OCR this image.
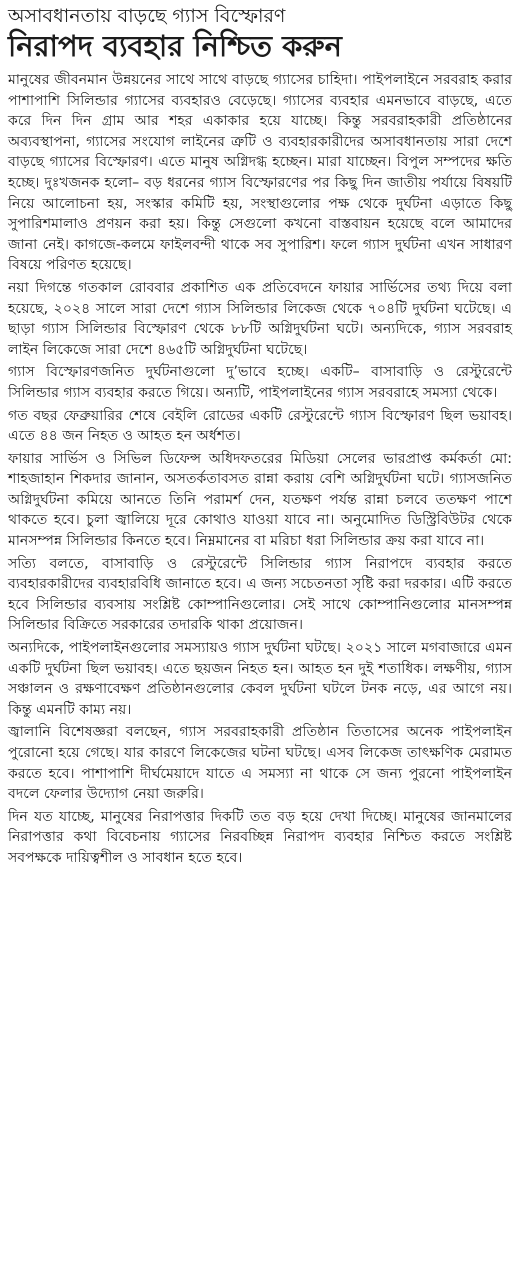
অসাবধানতায় বাড়ছে গ্যাস বিস্ফোরণ
নিরাপদ ব্যবহার নিশ্চিত করুন

মানুষের জীবনমান উন্নয়নের সাথে সাথে বাড়ছে গ্যাসের চাহিদা। পাইপলাইনে সরবরাহ করার পাশাপাশি সিলিন্ডার গ্যাসের ব্যবহারও বেড়েছে। গ্যাসের ব্যবহার এমনভাবে বাড়ছে, এতে করে দিন দিন গ্রাম আর শহর একাকার হয়ে যাচ্ছে। কিন্তু সরবরাহকারী প্রতিষ্ঠানের অব্যবস্থাপনা, গ্যাসের সংযোগ লাইনের ত্রুটি ও ব্যবহারকারীদের অসাবধানতায় সারা দেশে বাড়ছে গ্যাসের বিস্ফোরণ। এতে মানুষ অগ্নিদগ্ধ হচ্ছেন। মারা যাচ্ছেন। বিপুল সম্পদের ক্ষতি হচ্ছে। দুঃখজনক হলো– বড় ধরনের গ্যাস বিস্ফোরণের পর কিছু দিন জাতীয় পর্যায়ে বিষয়টি নিয়ে আলোচনা হয়, সংস্কার কমিটি হয়, সংস্থাগুলোর পক্ষ থেকে দুর্ঘটনা এড়াতে কিছু সুপারিশমালাও প্রণয়ন করা হয়। কিন্তু সেগুলো কখনো বাস্তবায়ন হয়েছে বলে আমাদের জানা নেই। কাগজে-কলমে ফাইলবন্দী থাকে সব সুপারিশ। ফলে গ্যাস দুর্ঘটনা এখন সাধারণ বিষয়ে পরিণত হয়েছে।

নয়া দিগন্তে গতকাল রোববার প্রকাশিত এক প্রতিবেদনে ফায়ার সার্ভিসের তথ্য দিয়ে বলা হয়েছে, ২০২৪ সালে সারা দেশে গ্যাস সিলিন্ডার লিকেজ থেকে ৭০৪টি দুর্ঘটনা ঘটেছে। এ ছাড়া গ্যাস সিলিন্ডার বিস্ফোরণ থেকে ৮৮টি অগ্নিদুর্ঘটনা ঘটে। অন্যদিকে, গ্যাস সরবরাহ লাইন লিকেজে সারা দেশে ৪৬৫টি অগ্নিদুর্ঘটনা ঘটেছে।

গ্যাস বিস্ফোরণজনিত দুর্ঘটনাগুলো দু’ভাবে হচ্ছে। একটি– বাসাবাড়ি ও রেস্টুরেন্টে সিলিন্ডার গ্যাস ব্যবহার করতে গিয়ে। অন্যটি, পাইপলাইনের গ্যাস সরবরাহে সমস্যা থেকে।

গত বছর ফেব্রুয়ারির শেষে বেইলি রোডের একটি রেস্টুরেন্টে গ্যাস বিস্ফোরণ ছিল ভয়াবহ। এতে ৪৪ জন নিহত ও আহত হন অর্ধশত।

ফায়ার সার্ভিস ও সিভিল ডিফেন্স অধিদফতরের মিডিয়া সেলের ভারপ্রাপ্ত কর্মকর্তা মো: শাহজাহান শিকদার জানান, অসতর্কতাবসত রান্না করায় বেশি অগ্নিদুর্ঘটনা ঘটে। গ্যাসজনিত অগ্নিদুর্ঘটনা কমিয়ে আনতে তিনি পরামর্শ দেন, যতক্ষণ পর্যন্ত রান্না চলবে ততক্ষণ পাশে থাকতে হবে। চুলা জ্বালিয়ে দূরে কোথাও যাওয়া যাবে না। অনুমোদিত ডিস্ট্রিবিউটর থেকে মানসম্পন্ন সিলিন্ডার কিনতে হবে। নিম্নমানের বা মরিচা ধরা সিলিন্ডার ক্রয় করা যাবে না।

সত্যি বলতে, বাসাবাড়ি ও রেস্টুরেন্টে সিলিন্ডার গ্যাস নিরাপদে ব্যবহার করতে ব্যবহারকারীদের ব্যবহারবিধি জানাতে হবে। এ জন্য সচেতনতা সৃষ্টি করা দরকার। এটি করতে হবে সিলিন্ডার ব্যবসায় সংশ্লিষ্ট কোম্পানিগুলোর। সেই সাথে কোম্পানিগুলোর মানসম্পন্ন সিলিন্ডার বিক্রিতে সরকারের তদারকি থাকা প্রয়োজন।

অন্যদিকে, পাইপলাইনগুলোর সমস্যায়ও গ্যাস দুর্ঘটনা ঘটছে। ২০২১ সালে মগবাজারে এমন একটি দুর্ঘটনা ছিল ভয়াবহ। এতে ছয়জন নিহত হন। আহত হন দুই শতাধিক। লক্ষণীয়, গ্যাস সঞ্চালন ও রক্ষণাবেক্ষণ প্রতিষ্ঠানগুলোর কেবল দুর্ঘটনা ঘটলে টনক নড়ে, এর আগে নয়। কিন্তু এমনটি কাম্য নয়।

জ্বালানি বিশেষজ্ঞরা বলছেন, গ্যাস সরবরাহকারী প্রতিষ্ঠান তিতাসের অনেক পাইপলাইন পুরোনো হয়ে গেছে। যার কারণে লিকেজের ঘটনা ঘটছে। এসব লিকেজ তাৎক্ষণিক মেরামত করতে হবে। পাশাপাশি দীর্ঘমেয়াদে যাতে এ সমস্যা না থাকে সে জন্য পুরনো পাইপলাইন বদলে ফেলার উদ্যোগ নেয়া জরুরি।

দিন যত যাচ্ছে, মানুষের নিরাপত্তার দিকটি তত বড় হয়ে দেখা দিচ্ছে। মানুষের জানমালের নিরাপত্তার কথা বিবেচনায় গ্যাসের নিরবচ্ছিন্ন নিরাপদ ব্যবহার নিশ্চিত করতে সংশ্লিষ্ট সবপক্ষকে দায়িত্বশীল ও সাবধান হতে হবে।
